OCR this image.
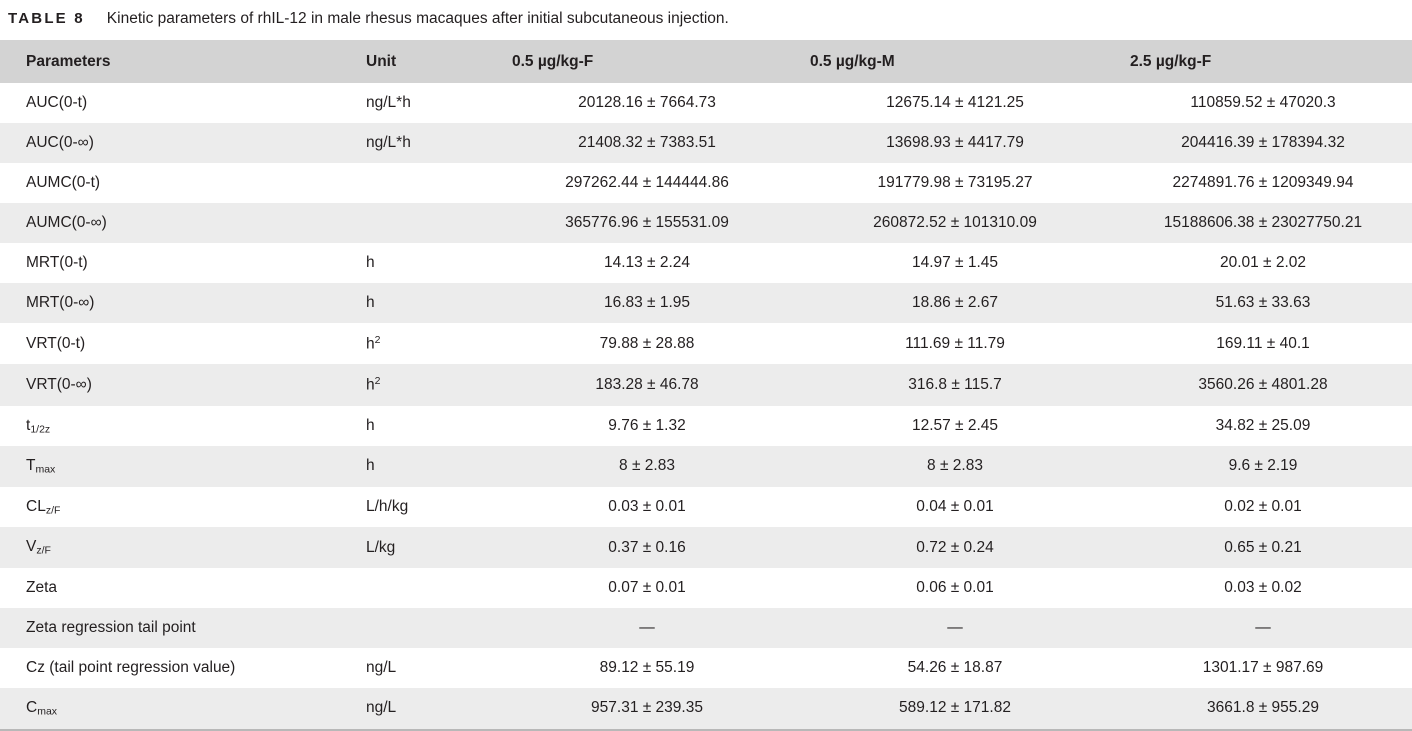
TABLE 8 Kinetic parameters of rhIL-12 in male rhesus macaques after initial subcutaneous injection.
Parameters	Unit	0.5 µg/kg-F	0.5 µg/kg-M	2.5 µg/kg-F
AUC(0-t)	ng/L*h	20128.16 ± 7664.73	12675.14 ± 4121.25	110859.52 ± 47020.3
AUC(0-∞)	ng/L*h	21408.32 ± 7383.51	13698.93 ± 4417.79	204416.39 ± 178394.32
AUMC(0-t)		297262.44 ± 144444.86	191779.98 ± 73195.27	2274891.76 ± 1209349.94
AUMC(0-∞)		365776.96 ± 155531.09	260872.52 ± 101310.09	15188606.38 ± 23027750.21
MRT(0-t)	h	14.13 ± 2.24	14.97 ± 1.45	20.01 ± 2.02
MRT(0-∞)	h	16.83 ± 1.95	18.86 ± 2.67	51.63 ± 33.63
VRT(0-t)	$h^2$	79.88 ± 28.88	111.69 ± 11.79	169.11 ± 40.1
VRT(0-∞)	$h^2$	183.28 ± 46.78	316.8 ± 115.7	3560.26 ± 4801.28
$t_{1/2z}$	h	9.76 ± 1.32	12.57 ± 2.45	34.82 ± 25.09
$T_{max}$	h	8 ± 2.83	8 ± 2.83	9.6 ± 2.19
$CL_{z/F}$	L/h/kg	0.03 ± 0.01	0.04 ± 0.01	0.02 ± 0.01
$V_{z/F}$	L/kg	0.37 ± 0.16	0.72 ± 0.24	0.65 ± 0.21
Zeta		0.07 ± 0.01	0.06 ± 0.01	0.03 ± 0.02
Zeta regression tail point		—	—	—
Cz (tail point regression value)	ng/L	89.12 ± 55.19	54.26 ± 18.87	1301.17 ± 987.69
$C_{max}$	ng/L	957.31 ± 239.35	589.12 ± 171.82	3661.8 ± 955.29
